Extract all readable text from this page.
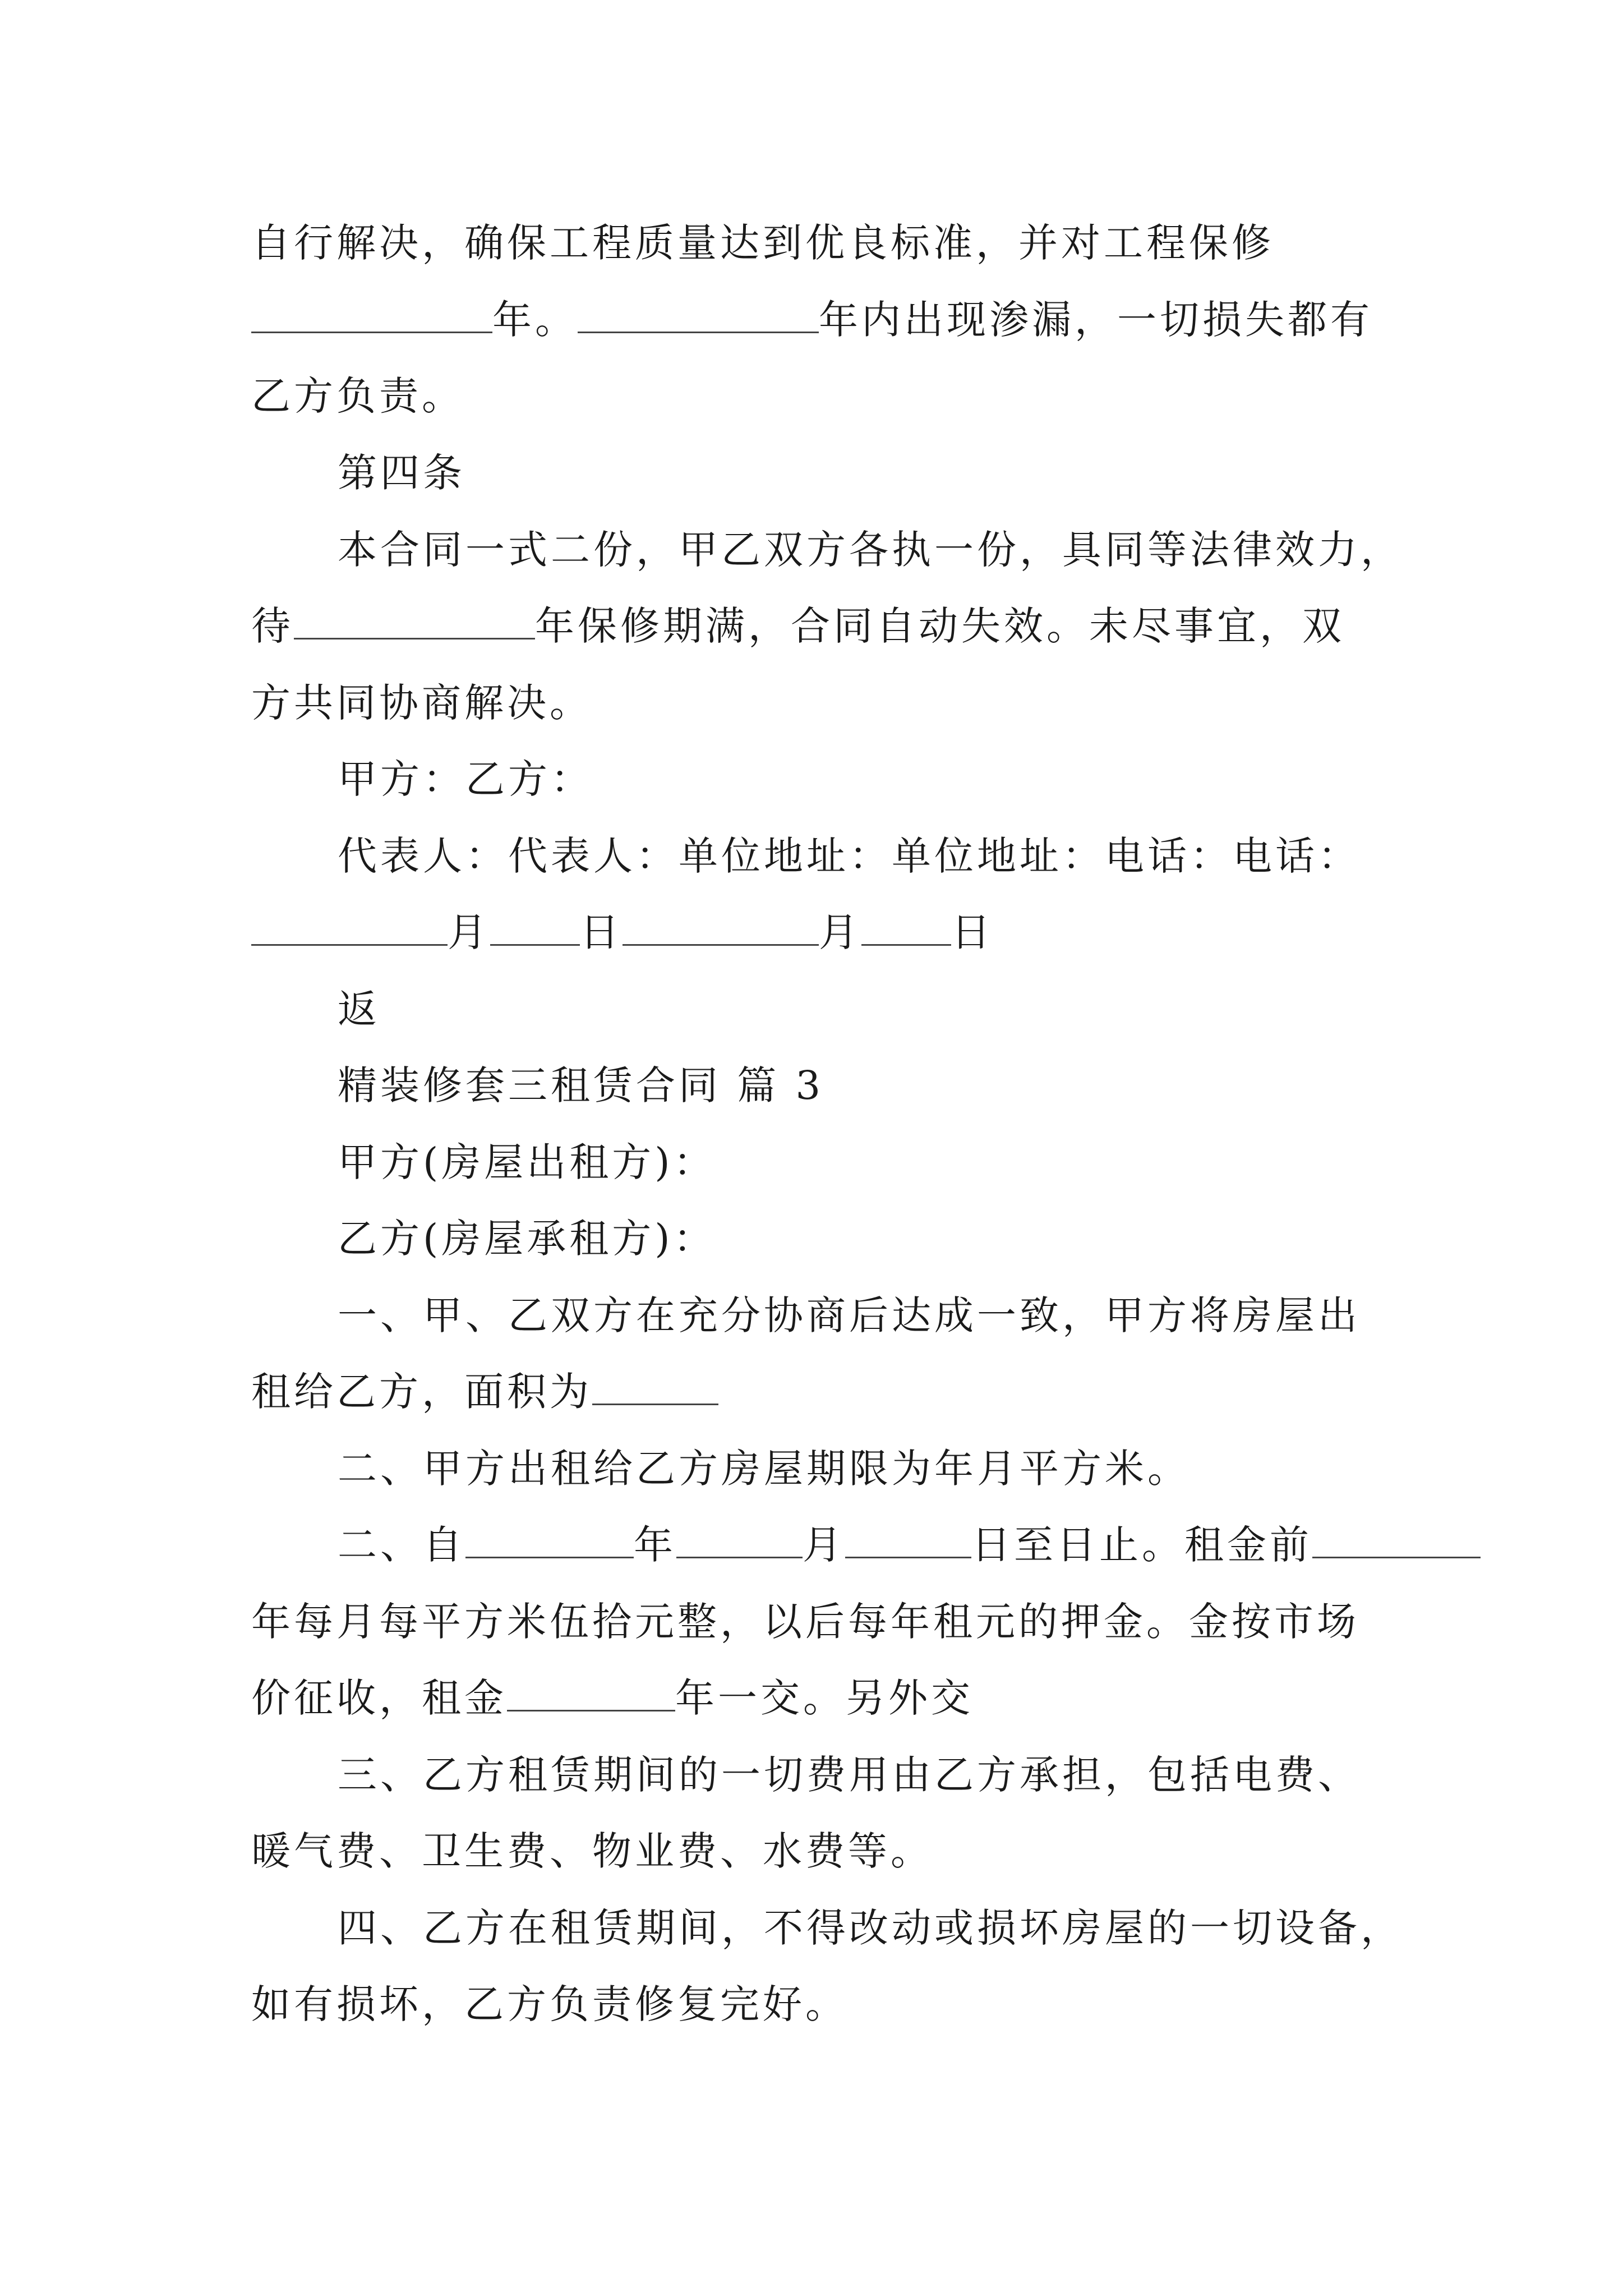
自行解决，确保工程质量达到优良标准，并对工程保修
年。	年内出现渗漏，一切损失都有
乙方负责。
第四条
本合同一式二份，甲乙双方各执一份，具同等法律效力，
待	年保修期满，合同自动失效。未尽事宜，双
方共同协商解决。
甲方：乙方：
代表人：代表人：单位地址：单位地址：电话：电话：
月 日	月 日
返
精装修套三租赁合同 篇 3
甲方(房屋出租方)：
乙方(房屋承租方)：
一、甲、乙双方在充分协商后达成一致，甲方将房屋出
租给乙方，面积为
二、甲方出租给乙方房屋期限为年月平方米。
二、自	年	月	日至日止。租金前
年每月每平方米伍拾元整，以后每年租元的押金。金按市场
价征收，租金	年一交。另外交
三、乙方租赁期间的一切费用由乙方承担，包括电费、
暖气费、卫生费、物业费、水费等。
四、乙方在租赁期间，不得改动或损坏房屋的一切设备，
如有损坏，乙方负责修复完好。
